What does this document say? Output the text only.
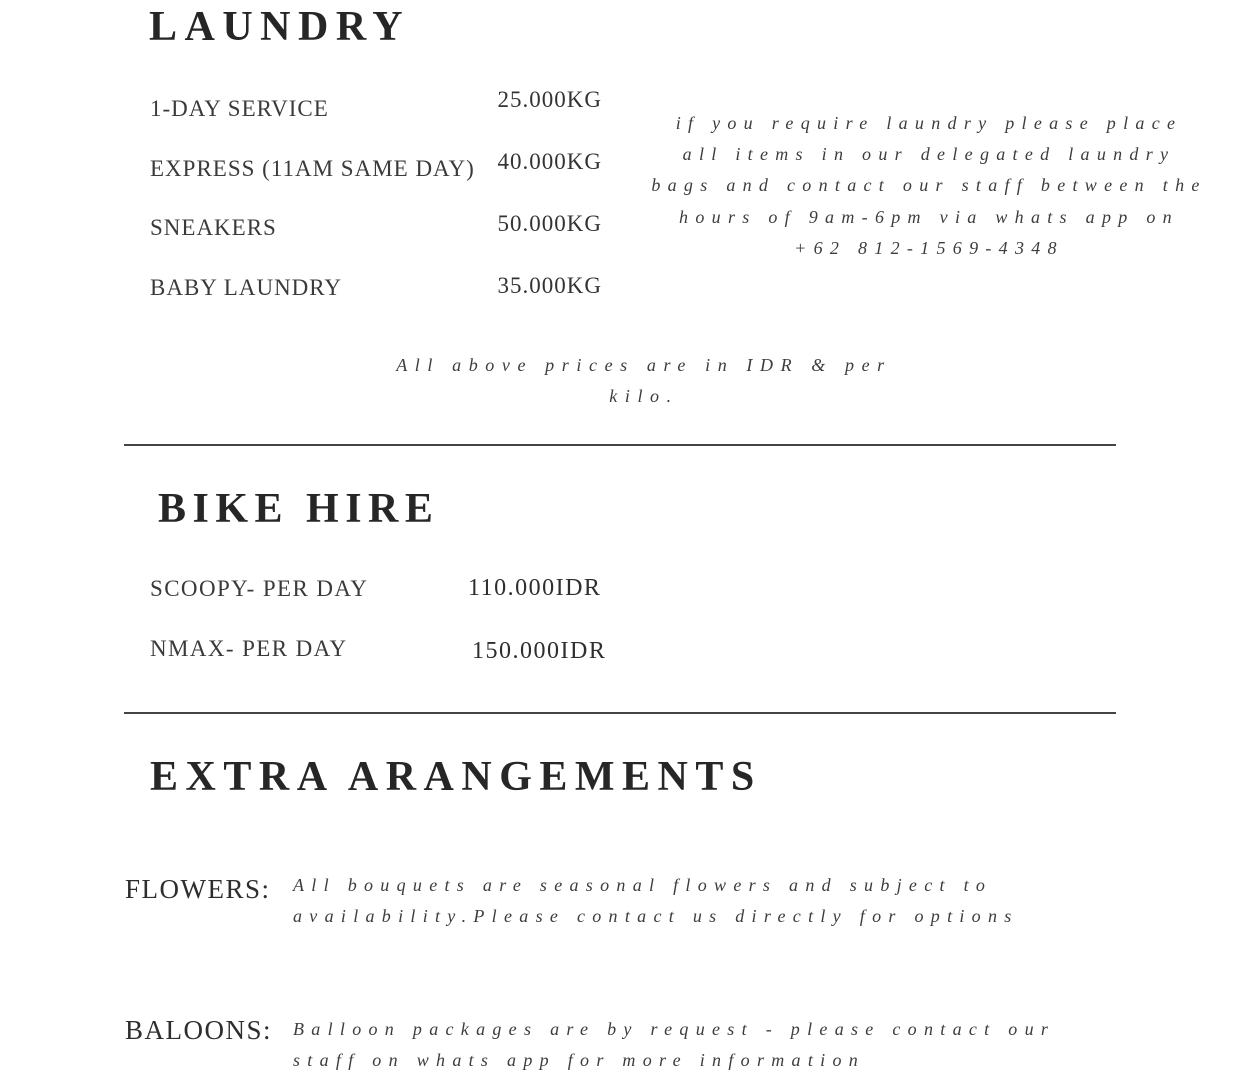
LAUNDRY
1-DAY SERVICE	25.000KG
EXPRESS (11AM SAME DAY) 40.000KG
SNEAKERS	50.000KG
BABY LAUNDRY	35.000KG
if you require laundry please place
all items in our delegated laundry
bags and contact our staff between the
hours of 9am-6pm via whats app on
+62 812-1569-4348
All above prices are in IDR & per
kilo.
BIKE HIRE
SCOOPY- PER DAY	110.000IDR
NMAX- PER DAY	150.000IDR
EXTRA ARANGEMENTS
FLOWERS: All bouquets are seasonal flowers and subject to
availability.Please contact us directly for options
BALOONS: Balloon packages are by request - please contact our
staff on whats app for more information
